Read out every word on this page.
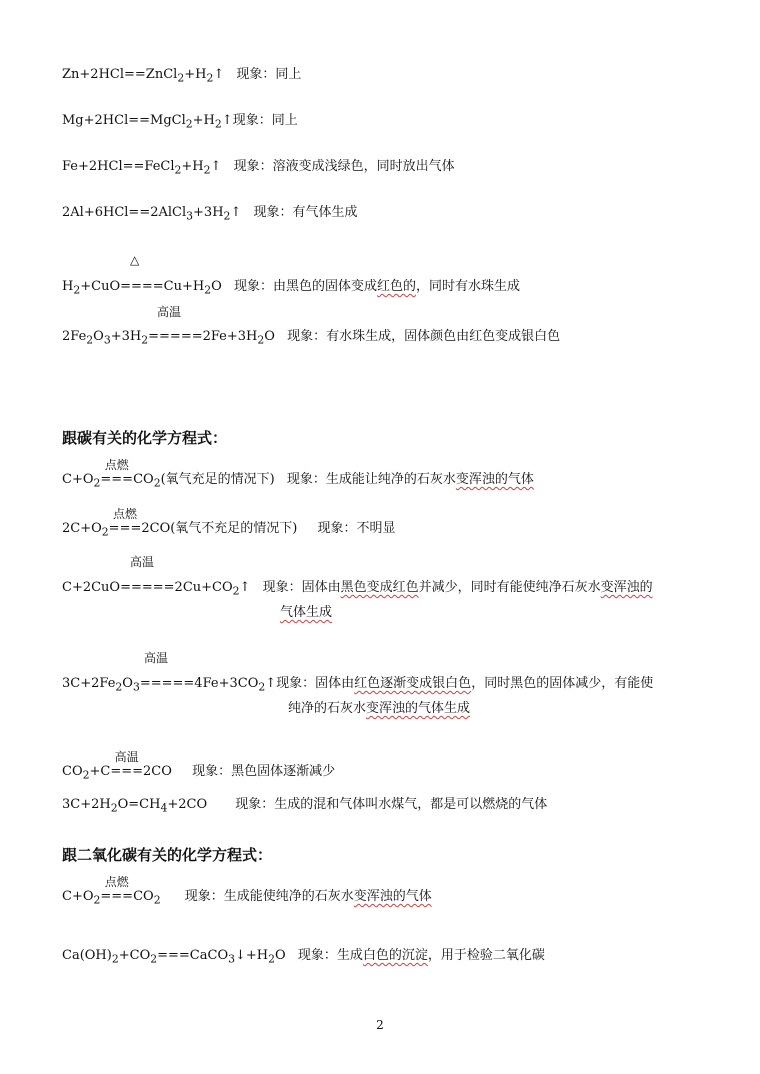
$Zn+2HCl==ZnCl_2+H_2↑$ 现象：同上
$Mg+2HCl==MgCl_2+H_2↑$现象：同上
$Fe+2HCl==FeCl_2+H_2↑$ 现象：溶液变成浅绿色，同时放出气体
$2Al+6HCl==2AlCl_3+3H_2↑$ 现象：有气体生成
△
$H_2+CuO====Cu+H_2O$ 现象：由黑色的固体变成红色的，同时有水珠生成
高温
$2Fe_2O_3+3H_2=====2Fe+3H_2O$ 现象：有水珠生成，固体颜色由红色变成银白色
跟碳有关的化学方程式：
$C+O_2$
点燃
$===CO_2$(氧气充足的情况下) 现象：生成能让纯净的石灰水变浑浊的气体
$2C+O_2$
点燃
===2CO(氧气不充足的情况下) 现象：不明显
高温
$C+2CuO=====2Cu+CO_2↑$ 现象：固体由黑色变成红色并减少，同时有能使纯净石灰水变浑浊的
气体生成
高温
$3C+2Fe_2O_3=====4Fe+3CO_2↑$现象：固体由红色逐渐变成银白色，同时黑色的固体减少，有能使
纯净的石灰水变浑浊的气体生成
$CO_2+C$
高温
===2CO 现象：黑色固体逐渐减少
$3C+2H_2O=CH_4+2CO$ 现象：生成的混和气体叫水煤气，都是可以燃烧的气体
跟二氧化碳有关的化学方程式：
$C+O_2$
点燃
$===CO_2$ 现象：生成能使纯净的石灰水变浑浊的气体
$Ca(OH)_2+CO_2===CaCO_3↓+H_2O$ 现象：生成白色的沉淀，用于检验二氧化碳
2
